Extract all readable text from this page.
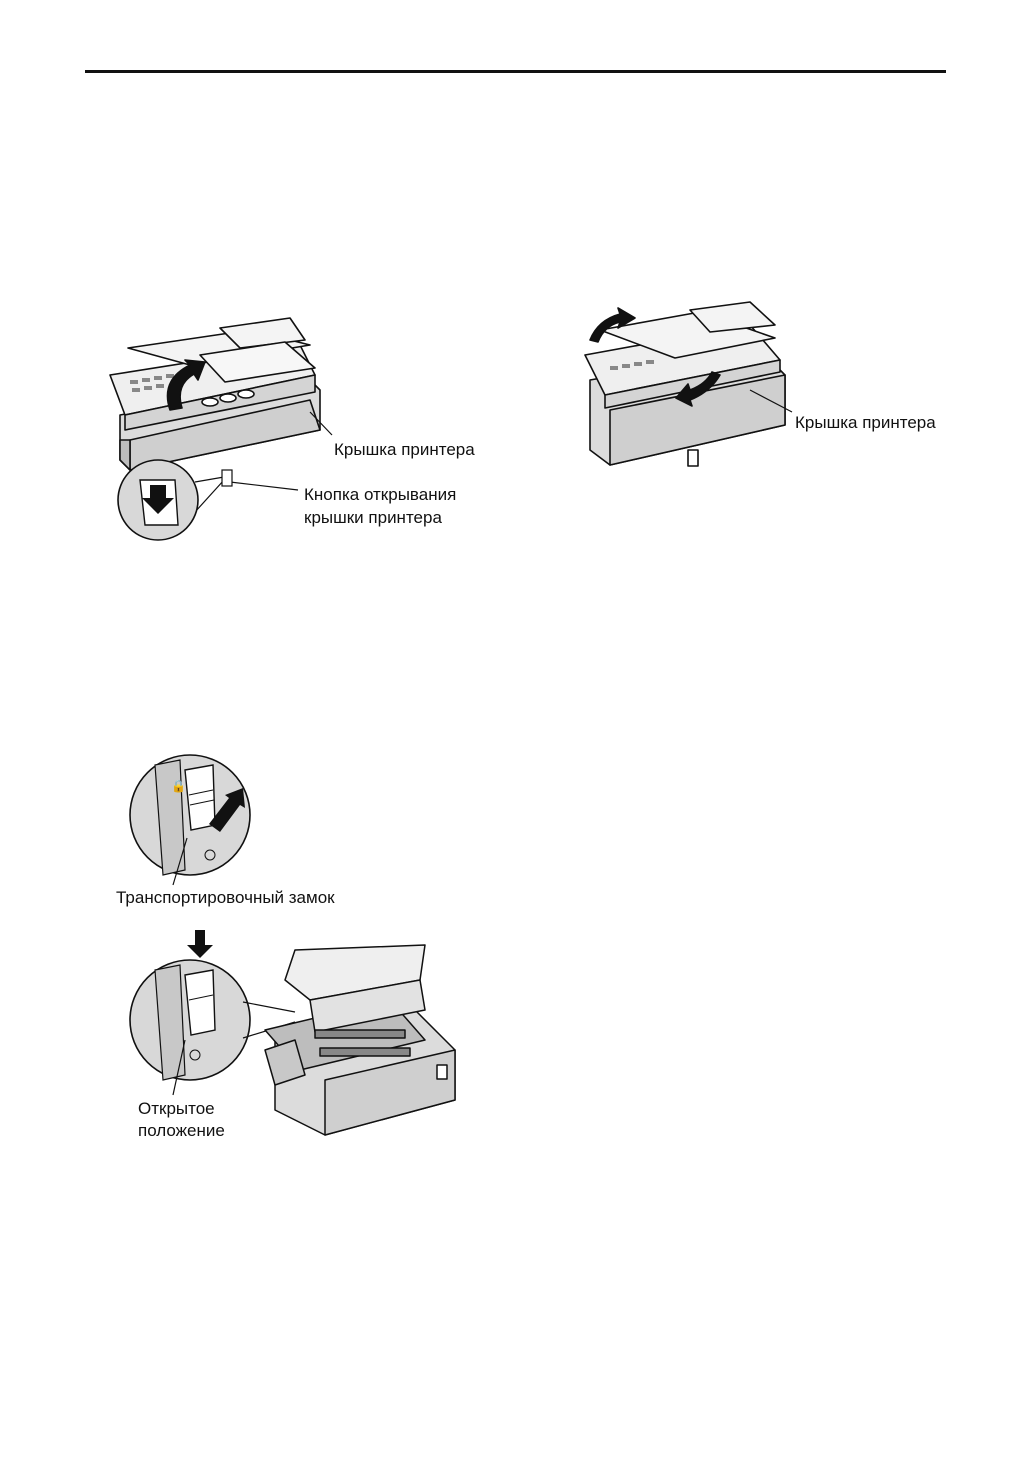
Крышка принтера
Кнопка открывания
крышки принтера
Крышка принтера
🔒
Транспортировочный замок
Открытое
положение
